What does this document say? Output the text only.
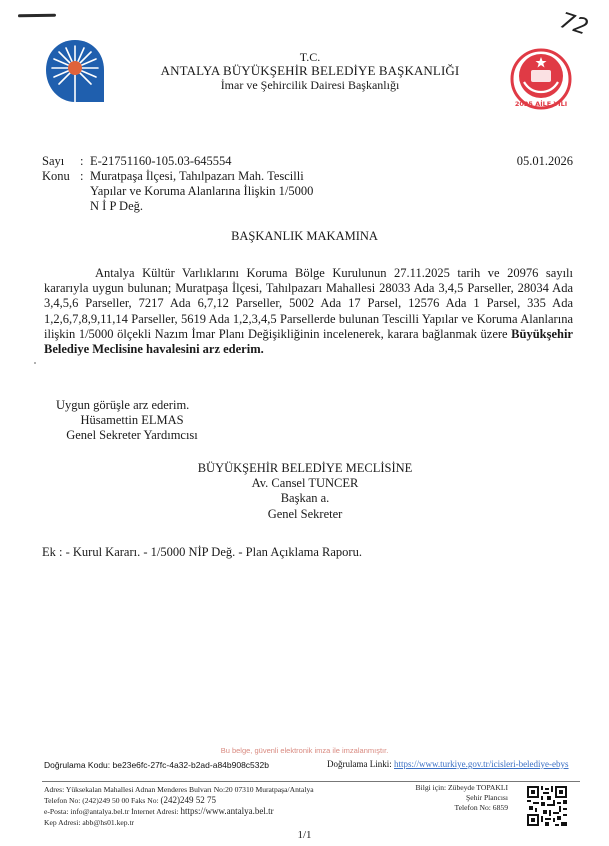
72
T.C.
ANTALYA BÜYÜKŞEHİR BELEDİYE BAŞKANLIĞI
İmar ve Şehircilik Dairesi Başkanlığı
2025 AİLE YILI
Sayı	: E-21751160-105.03-645554
Konu : Muratpaşa İlçesi, Tahılpazarı Mah. Tescilli
Yapılar ve Koruma Alanlarına İlişkin 1/5000
N İ P Değ.
05.01.2026
BAŞKANLIK MAKAMINA
Antalya Kültür Varlıklarını Koruma Bölge Kurulunun 27.11.2025 tarih ve 20976 sayılı kararıyla uygun bulunan; Muratpaşa İlçesi, Tahılpazarı Mahallesi 28033 Ada 3,4,5 Parseller, 28034 Ada 3,4,5,6 Parseller, 7217 Ada 6,7,12 Parseller, 5002 Ada 17 Parsel, 12576 Ada 1 Parsel, 335 Ada 1,2,6,7,8,9,11,14 Parseller, 5619 Ada 1,2,3,4,5 Parsellerde bulunan Tescilli Yapılar ve Koruma Alanlarına ilişkin 1/5000 ölçekli Nazım İmar Planı Değişikliğinin incelenerek, karara bağlanmak üzere Büyükşehir Belediye Meclisine havalesini arz ederim.
Uygun görüşle arz ederim.
Hüsamettin ELMAS
Genel Sekreter Yardımcısı
BÜYÜKŞEHİR BELEDİYE MECLİSİNE
Av. Cansel TUNCER
Başkan a.
Genel Sekreter
Ek : - Kurul Kararı. - 1/5000 NİP Değ. - Plan Açıklama Raporu.
Bu belge, güvenli elektronik imza ile imzalanmıştır.
Doğrulama Kodu: be23e6fc-27fc-4a32-b2ad-a84b908c532b	Doğrulama Linki: https://www.turkiye.gov.tr/icisleri-belediye-ebys
Adres: Yüksekalan Mahallesi Adnan Menderes Bulvarı No:20 07310 Muratpaşa/Antalya
Telefon No: (242)249 50 00 Faks No: (242)249 52 75
e-Posta: info@antalya.bel.tr İnternet Adresi: https://www.antalya.bel.tr
Kep Adresi: abb@hs01.kep.tr
Bilgi için: Zübeyde TOPAKLI
Şehir Plancısı
Telefon No: 6859
1/1
